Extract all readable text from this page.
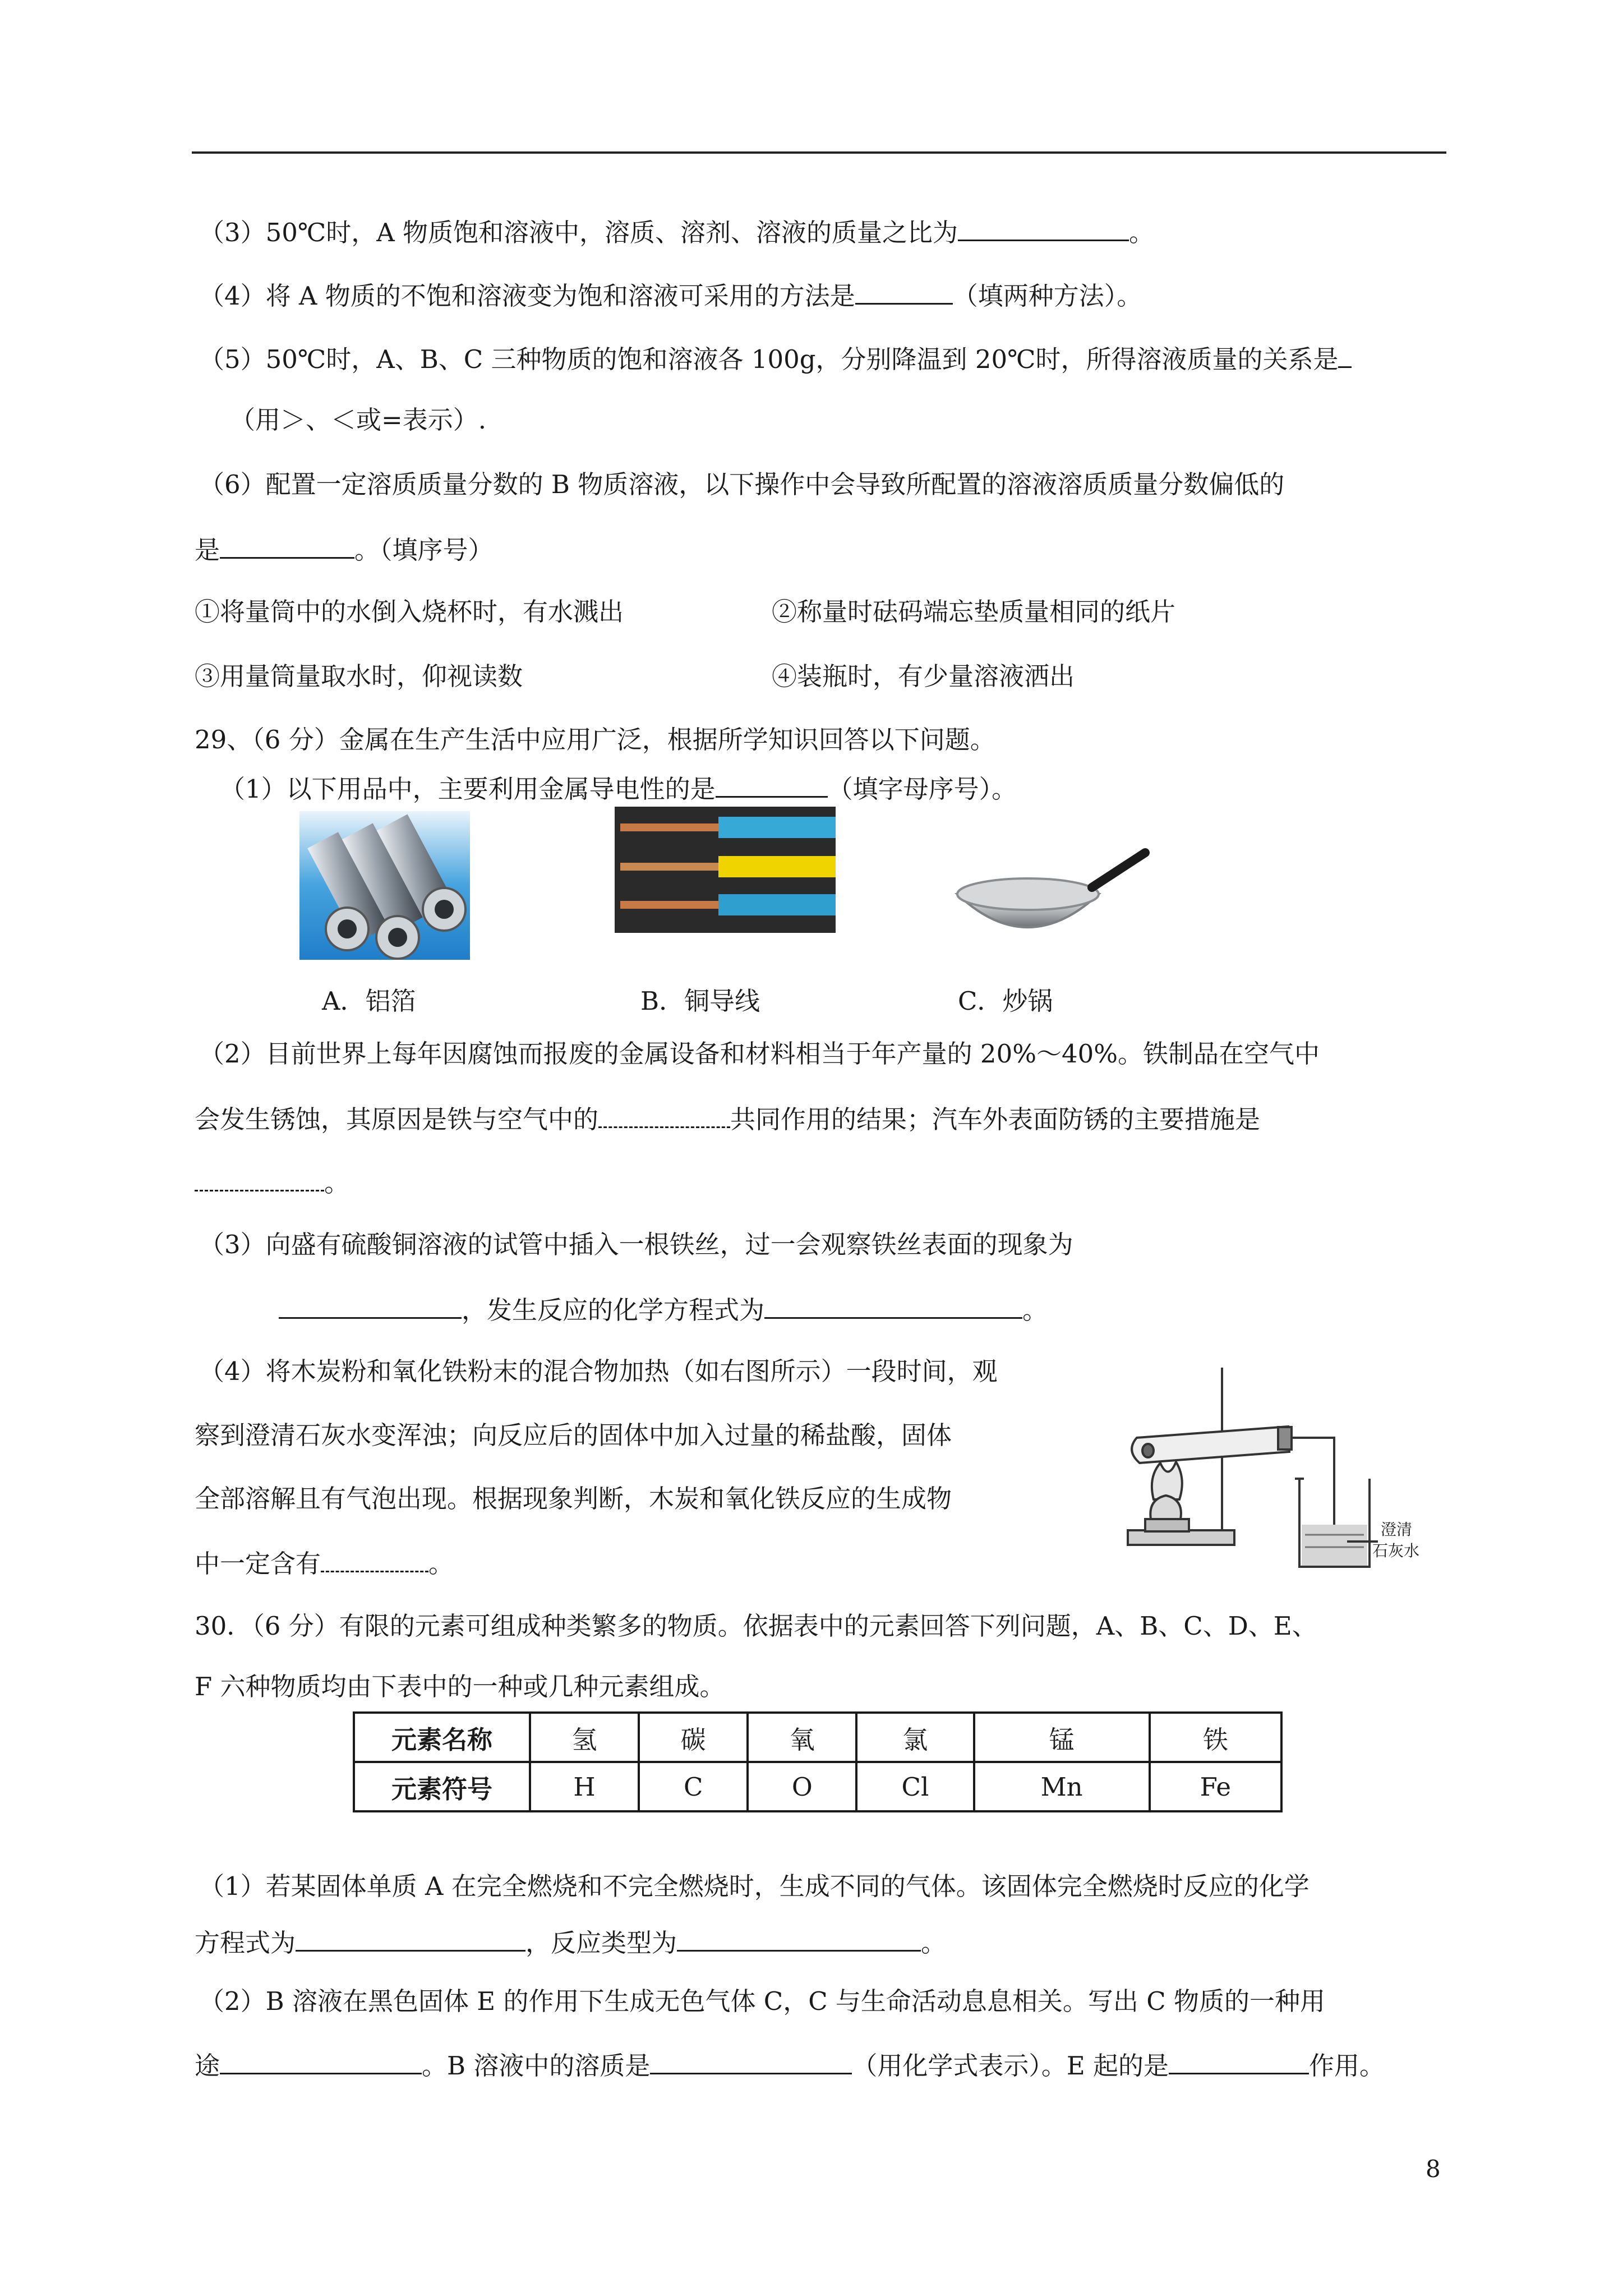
（3）50℃时，A 物质饱和溶液中，溶质、溶剂、溶液的质量之比为	。
（4）将 A 物质的不饱和溶液变为饱和溶液可采用的方法是	（填两种方法）。
（5）50℃时，A、B、C 三种物质的饱和溶液各 100g，分别降温到 20℃时，所得溶液质量的关系是
（用＞、＜或=表示）.
（6）配置一定溶质质量分数的 B 物质溶液，以下操作中会导致所配置的溶液溶质质量分数偏低的
是	。（填序号）
①将量筒中的水倒入烧杯时，有水溅出	②称量时砝码端忘垫质量相同的纸片
③用量筒量取水时，仰视读数	④装瓶时，有少量溶液洒出
29、（6 分）金属在生产生活中应用广泛，根据所学知识回答以下问题。
（1）以下用品中，主要利用金属导电性的是	（填字母序号）。
A．铝箔	B．铜导线	C．炒锅
（2）目前世界上每年因腐蚀而报废的金属设备和材料相当于年产量的 20%～40%。铁制品在空气中
会发生锈蚀，其原因是铁与空气中的	共同作用的结果；汽车外表面防锈的主要措施是
。
（3）向盛有硫酸铜溶液的试管中插入一根铁丝，过一会观察铁丝表面的现象为
，发生反应的化学方程式为	。
（4）将木炭粉和氧化铁粉末的混合物加热（如右图所示）一段时间，观
察到澄清石灰水变浑浊；向反应后的固体中加入过量的稀盐酸，固体
全部溶解且有气泡出现。根据现象判断，木炭和氧化铁反应的生成物
中一定含有	。
澄清
石灰水
30．（6 分）有限的元素可组成种类繁多的物质。依据表中的元素回答下列问题，A、B、C、D、E、
F 六种物质均由下表中的一种或几种元素组成。
元素名称	氢	碳	氧	氯	锰	铁
元素符号	H	C	O	Cl	Mn	Fe
（1）若某固体单质 A 在完全燃烧和不完全燃烧时，生成不同的气体。该固体完全燃烧时反应的化学
方程式为	，反应类型为	。
（2）B 溶液在黑色固体 E 的作用下生成无色气体 C，C 与生命活动息息相关。写出 C 物质的一种用
途	。B 溶液中的溶质是	（用化学式表示）。E 起的是	作用。
8
